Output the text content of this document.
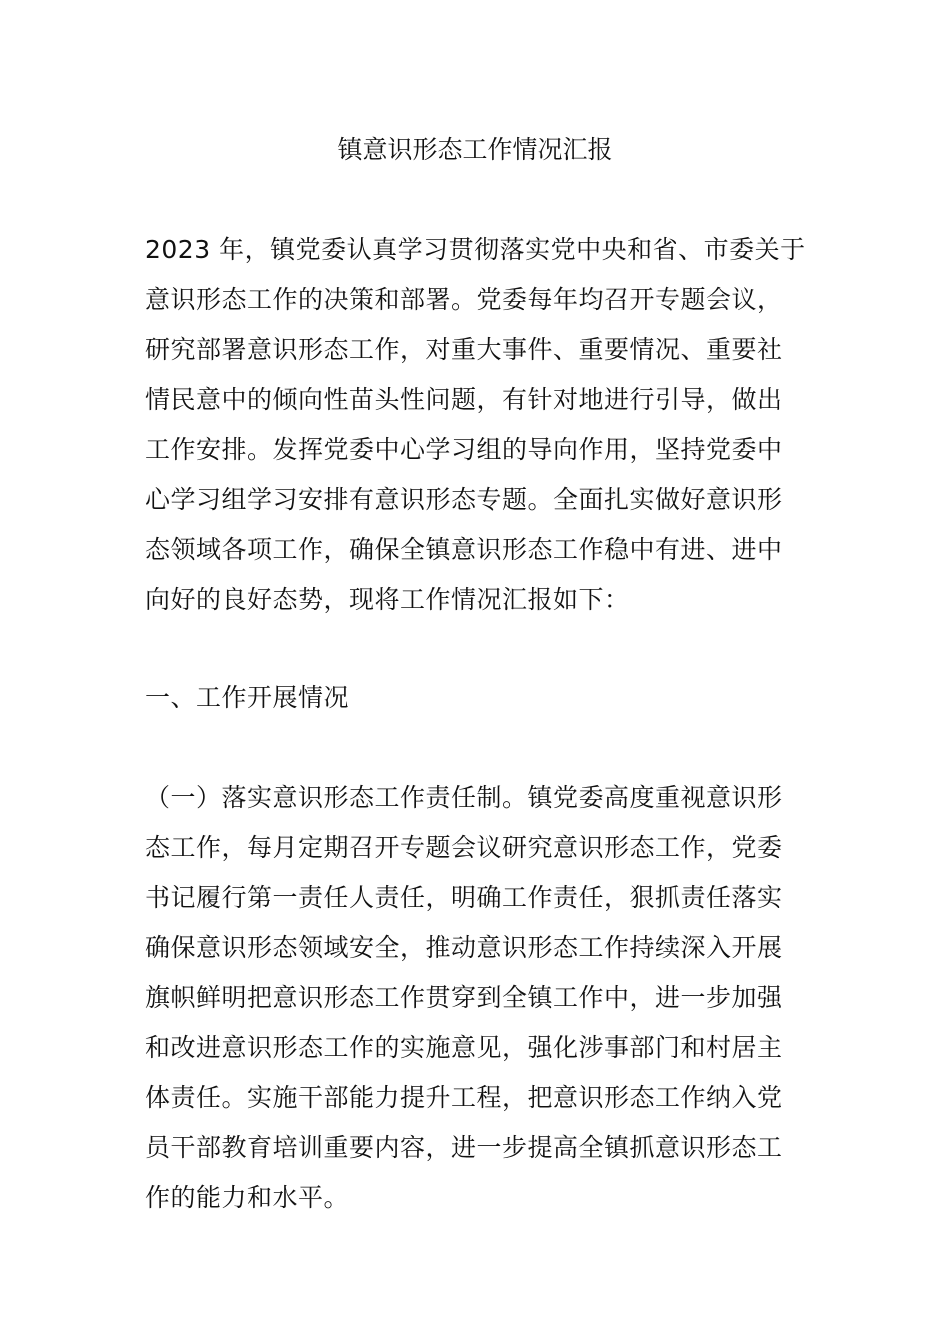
镇意识形态工作情况汇报
2023 年，镇党委认真学习贯彻落实党中央和省、市委关于
意识形态工作的决策和部署。党委每年均召开专题会议，
研究部署意识形态工作，对重大事件、重要情况、重要社
情民意中的倾向性苗头性问题，有针对地进行引导，做出
工作安排。发挥党委中心学习组的导向作用，坚持党委中
心学习组学习安排有意识形态专题。全面扎实做好意识形
态领域各项工作，确保全镇意识形态工作稳中有进、进中
向好的良好态势，现将工作情况汇报如下：
一、工作开展情况
（一）落实意识形态工作责任制。镇党委高度重视意识形
态工作，每月定期召开专题会议研究意识形态工作，党委
书记履行第一责任人责任，明确工作责任，狠抓责任落实
确保意识形态领域安全，推动意识形态工作持续深入开展
旗帜鲜明把意识形态工作贯穿到全镇工作中，进一步加强
和改进意识形态工作的实施意见，强化涉事部门和村居主
体责任。实施干部能力提升工程，把意识形态工作纳入党
员干部教育培训重要内容，进一步提高全镇抓意识形态工
作的能力和水平。
